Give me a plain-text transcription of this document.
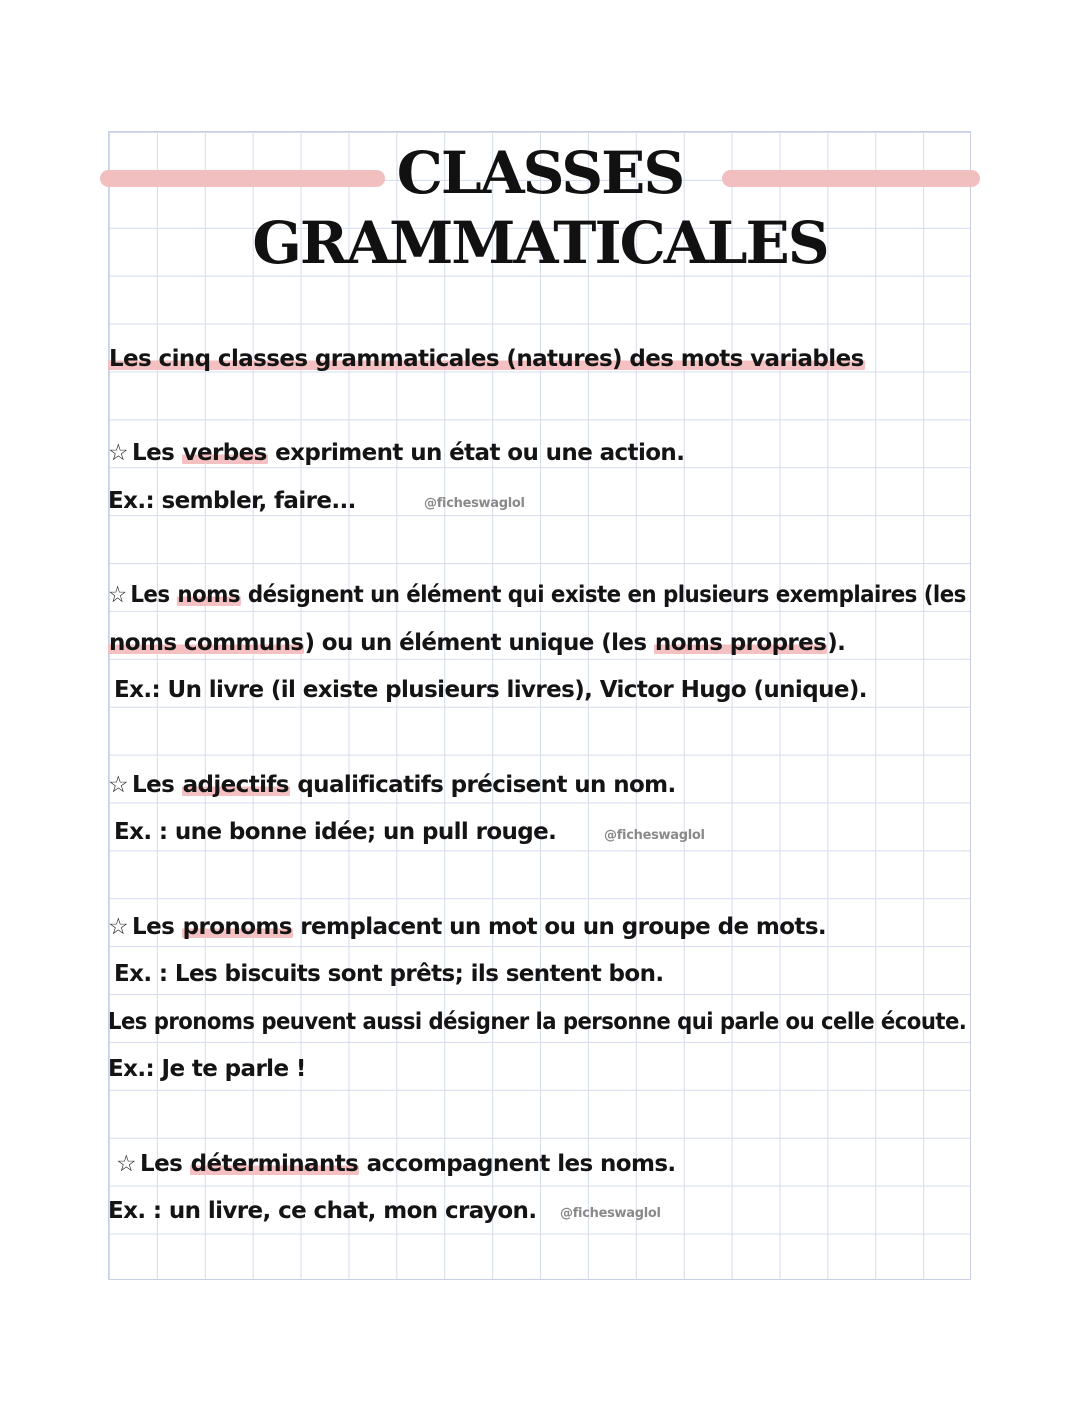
CLASSES
GRAMMATICALES

Les cinq classes grammaticales (natures) des mots variables

☆ Les verbes expriment un état ou une action.

Ex.: sembler, faire...	@ficheswaglol

☆ Les noms désignent un élément qui existe en plusieurs exemplaires (les

noms communs) ou un élément unique (les noms propres).

Ex.: Un livre (il existe plusieurs livres), Victor Hugo (unique).

☆ Les adjectifs qualificatifs précisent un nom.

Ex. : une bonne idée; un pull rouge.	@ficheswaglol

☆ Les pronoms remplacent un mot ou un groupe de mots.

Ex. : Les biscuits sont prêts; ils sentent bon.

Les pronoms peuvent aussi désigner la personne qui parle ou celle écoute.

Ex.: Je te parle !

☆ Les déterminants accompagnent les noms.

Ex. : un livre, ce chat, mon crayon. @ficheswaglol
